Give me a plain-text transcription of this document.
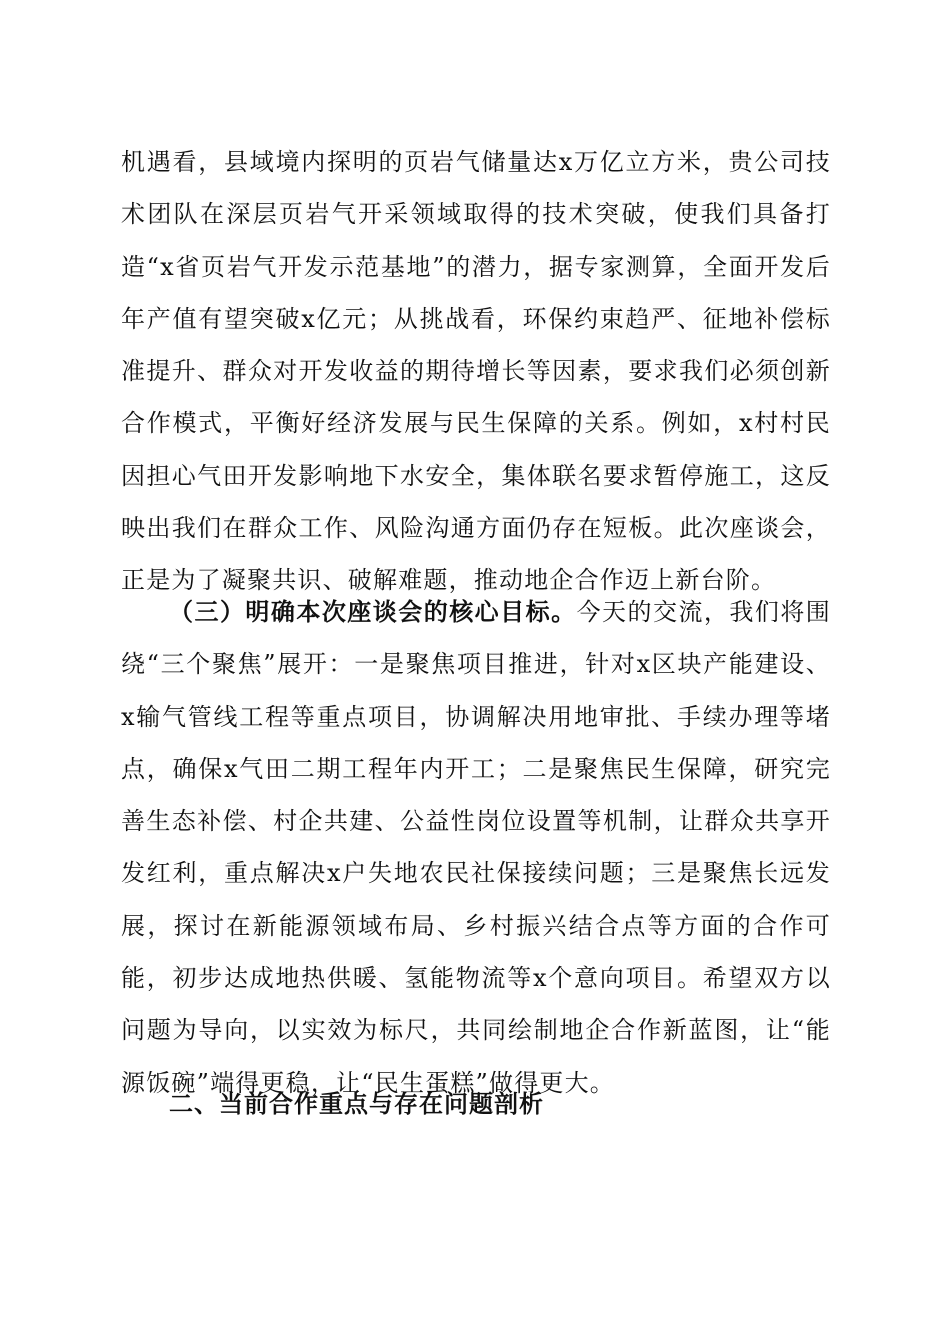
机遇看，县域境内探明的页岩气储量达x万亿立方米，贵公司技术团队在深层页岩气开采领域取得的技术突破，使我们具备打造“x省页岩气开发示范基地”的潜力，据专家测算，全面开发后年产值有望突破x亿元；从挑战看，环保约束趋严、征地补偿标准提升、群众对开发收益的期待增长等因素，要求我们必须创新合作模式，平衡好经济发展与民生保障的关系。例如，x村村民因担心气田开发影响地下水安全，集体联名要求暂停施工，这反映出我们在群众工作、风险沟通方面仍存在短板。此次座谈会，正是为了凝聚共识、破解难题，推动地企合作迈上新台阶。

（三）明确本次座谈会的核心目标。今天的交流，我们将围绕“三个聚焦”展开：一是聚焦项目推进，针对x区块产能建设、x输气管线工程等重点项目，协调解决用地审批、手续办理等堵点，确保x气田二期工程年内开工；二是聚焦民生保障，研究完善生态补偿、村企共建、公益性岗位设置等机制，让群众共享开发红利，重点解决x户失地农民社保接续问题；三是聚焦长远发展，探讨在新能源领域布局、乡村振兴结合点等方面的合作可能，初步达成地热供暖、氢能物流等x个意向项目。希望双方以问题为导向，以实效为标尺，共同绘制地企合作新蓝图，让“能源饭碗”端得更稳，让“民生蛋糕”做得更大。

二、当前合作重点与存在问题剖析
